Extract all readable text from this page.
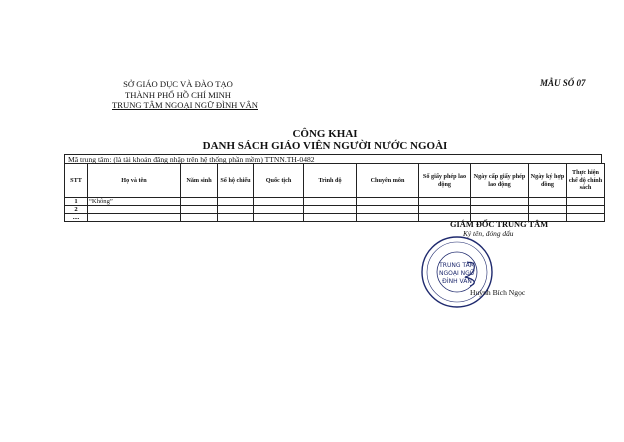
SỞ GIÁO DỤC VÀ ĐÀO TẠO
THÀNH PHỐ HỒ CHÍ MINH
TRUNG TÂM NGOẠI NGỮ ĐÌNH VÂN
MẪU SỐ 07
CÔNG KHAI
DANH SÁCH GIÁO VIÊN NGƯỜI NƯỚC NGOÀI
Mã trung tâm: (là tài khoản đăng nhập trên hệ thống phần mềm) TTNN.TH-0482
STT	Họ và tên	Năm sinh	Số hộ chiếu	Quốc tịch	Trình độ	Chuyên môn	Số giấy phép lao động	Ngày cấp giấy phép lao động	Ngày ký hợp đồng	Thực hiện chế độ chính sách
1	“Không”									
2										
....										
GIÁM ĐỐC TRUNG TÂM
Ký tên, đóng dấu
TRUNG TÂM
NGOẠI NGỮ
ĐÌNH VÂN
Huỳnh Bích Ngọc
